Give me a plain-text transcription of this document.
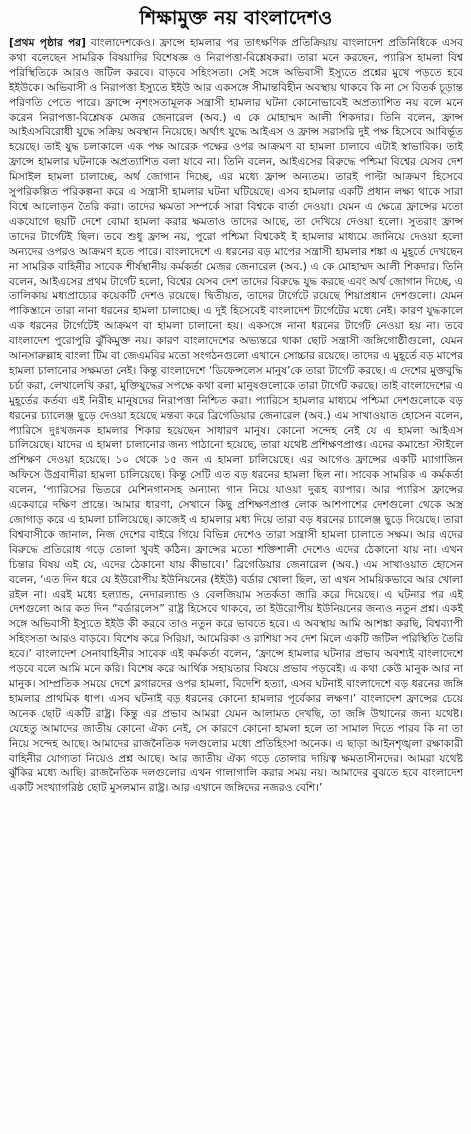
শিক্ষামুক্ত নয় বাংলাদেশও

[প্রথম পৃষ্ঠার পর] বাংলাদেশকেও। ফ্রান্সে হামলার পর তাৎক্ষণিক প্রতিক্রিয়ায় বাংলাদেশ প্রতিনিধিকে এসব কথা বলেছেন সামরিক বিষয়াদির বিশেষজ্ঞ ও নিরাপত্তা-বিশ্লেষকরা। তারা মনে করছেন, প্যারিস হামলা বিশ্ব পরিস্থিতিকে আরও জটিল করবে। বাড়বে সহিংসতা। সেই সঙ্গে অভিবাসী ইস্যুতে প্রশ্নের মুখে পড়তে হবে ইইউকে। অভিবাসী ও নিরাপত্তা ইস্যুতে ইইউ আর একসঙ্গে সীমান্তবিহীন অবস্থায় থাকবে কি না সে বিতর্ক চূড়ান্ত পরিণতি পেতে পারে। ফ্রান্সে নৃশংসতামূলক সন্ত্রাসী হামলার ঘটনা কোনোভাবেই অপ্রত্যাশিত নয় বলে মনে করেন নিরাপত্তা-বিশ্লেষক মেজর জেনারেল (অব.) এ কে মোহাম্মদ আলী শিকদার। তিনি বলেন, ফ্রান্স আইএসবিরোধী যুদ্ধে সক্রিয় অবস্থান নিয়েছে। অর্থাৎ যুদ্ধে আইএস ও ফ্রান্স সরাসরি দুই পক্ষ হিসেবে আবির্ভূত হয়েছে। তাই যুদ্ধ চলাকালে এক পক্ষ আরেক পক্ষের ওপর আক্রমণ বা হামলা চালাবে এটাই স্বাভাবিক। তাই ফ্রান্সে হামলার ঘটনাকে অপ্রত্যাশিত বলা যাবে না। তিনি বলেন, আইএসের বিরুদ্ধে পশ্চিমা বিশ্বের যেসব দেশ মিসাইল হামলা চালাচ্ছে, অর্থ জোগান দিচ্ছে, এর মধ্যে ফ্রান্স অন্যতম। তারই পাল্টা আক্রমণ হিসেবে সুপরিকল্পিত পরিকল্পনা করে এ সন্ত্রাসী হামলার ঘটনা ঘটিয়েছে। এসব হামলার একটি প্রধান লক্ষ্য থাকে সারা বিশ্বে আলোড়ন তৈরি করা। তাদের ক্ষমতা সম্পর্কে সারা বিশ্বকে বার্তা দেওয়া। যেমন এ ক্ষেত্রে ফ্রান্সের মতো একযোগে ছয়টি দেশে বোমা হামলা করার ক্ষমতাও তাদের আছে, তা দেখিয়ে দেওয়া হলো। সুতরাং ফ্রান্স তাদের টার্গেটই ছিল। তবে শুধু ফ্রান্স নয়, পুরো পশ্চিমা বিশ্বকেই ই হামলার মাধ্যমে জানিয়ে দেওয়া হলো অন্যদের ওপরও আক্রমণ হতে পারে। বাংলাদেশে এ ধরনের বড় মাপের সন্ত্রাসী হামলার শঙ্কা এ মুহূর্তে দেখছেন না সামরিক বাহিনীর সাবেক শীর্ষস্থানীয় কর্মকর্তা মেজর জেনারেল (অব.) এ কে মোহাম্মদ আলী শিকদার। তিনি বলেন, আইএসের প্রথম টার্গেট হলো, বিশ্বের যেসব দেশ তাদের বিরুদ্ধে যুদ্ধ করছে এবং অর্থ জোগান দিচ্ছে, এ তালিকায় মধ্যপ্রাচ্যের কয়েকটি দেশও রয়েছে। দ্বিতীয়ত, তাদের টার্গেটে রয়েছে শিয়াপ্রধান দেশগুলো। যেমন পাকিস্তানে তারা নানা ধরনের হামলা চালাচ্ছে। এ দুই হিসেবেই বাংলাদেশ টার্গেটের মধ্যে নেই। কারণ যুদ্ধকালে এক ধরনের টার্গেটেই আক্রমণ বা হামলা চালানো হয়। একসঙ্গে নানা ধরনের টার্গেট নেওয়া হয় না। তবে বাংলাদেশ পুরোপুরি ঝুঁকিমুক্ত নয়। কারণ বাংলাদেশের অভ্যন্তরে থাকা ছোট সন্ত্রাসী জঙ্গিগোষ্ঠীগুলো, যেমন আনসারুল্লাহ বাংলা টিম বা জেএমবির মতো সংগঠনগুলো এখানে সোচ্চার রয়েছে। তাদের এ মুহূর্তে বড় মাপের হামলা চালানোর সক্ষমতা নেই। কিন্তু বাংলাদেশে ‘ডিফেন্সলেস মানুষ’কে তারা টার্গেট করছে। এ দেশের মুক্তবুদ্ধি চর্চা করা, লেখালেখি করা, মুক্তিযুদ্ধের সপক্ষে কথা বলা মানুষগুলোকে তারা টার্গেট করছে। তাই বাংলাদেশের এ মুহূর্তের কর্তব্য এই নিরীহ মানুষদের নিরাপত্তা নিশ্চিত করা। প্যারিসে হামলার মাধ্যমে পশ্চিমা দেশগুলোকে বড় ধরনের চ্যালেঞ্জ ছুড়ে দেওয়া হয়েছে মন্তব্য করে ব্রিগেডিয়ার জেনারেল (অব.) এম সাখাওয়াত হোসেন বলেন, প্যারিসে দুঃখজনক হামলার শিকার হয়েছেন সাধারণ মানুষ। কোনো সন্দেহ নেই যে এ হামলা আইএস চালিয়েছে। যাদের এ হামলা চালানোর জন্য পাঠানো হয়েছে, তারা যথেষ্ট প্রশিক্ষণপ্রাপ্ত। এদের কমান্ডো স্টাইলে প্রশিক্ষণ দেওয়া হয়েছে। ১০ থেকে ১৫ জন এ হামলা চালিয়েছে। এর আগেও ফ্রান্সের একটি ম্যাগাজিন অফিসে উগ্রবাদীরা হামলা চালিয়েছে। কিন্তু সেটি এত বড় ধরনের হামলা ছিল না। সাবেক সামরিক এ কর্মকর্তা বলেন, ‘প্যারিসের ভিতরে মেশিনগানসহ অন্যান্য গান নিয়ে যাওয়া দুরূহ ব্যাপার। আর প্যারিস ফ্রান্সের একেবারে দক্ষিণ প্রান্তে। আমার ধারণা, সেখানে কিছু প্রশিক্ষণপ্রাপ্ত লোক আশপাশের দেশগুলো থেকে অস্ত্র জোগাড় করে এ হামলা চালিয়েছে। কাজেই এ হামলার মধ্য দিয়ে তারা বড় ধরনের চ্যালেঞ্জ ছুড়ে দিয়েছে। তারা বিশ্ববাসীকে জানাল, নিজ দেশের বাইরে গিয়ে বিভিন্ন দেশেও তারা সন্ত্রাসী হামলা চালাতে সক্ষম। আর এদের বিরুদ্ধে প্রতিরোধ গড়ে তোলা খুবই কঠিন। ফ্রান্সের মতো শক্তিশালী দেশেও এদের ঠেকানো যায় না। এখন চিন্তার বিষয় এই যে, এদের ঠেকানো যায় কীভাবে।’ ব্রিগেডিয়ার জেনারেল (অব.) এম সাখাওয়াত হোসেন বলেন, ‘এত দিন ধরে যে ইউরোপীয় ইউনিয়নের (ইইউ) বর্ডার খোলা ছিল, তা এখন সাময়িকভাবে আর খোলা রইল না। এরই মধ্যে হল্যান্ড, নেদারল্যান্ড ও বেলজিয়াম সতর্কতা জারি করে দিয়েছে। এ ঘটনার পর এই দেশগুলো আর কত দিন “বর্ডারলেস” রাষ্ট্র হিসেবে থাকবে, তা ইউরোপীয় ইউনিয়নের জন্যও নতুন প্রশ্ন। একই সঙ্গে অভিবাসী ইস্যুতে ইইউ কী করবে তাও নতুন করে ভাবতে হবে। এ অবস্থায় আমি আশঙ্কা করছি, বিশ্বব্যাপী সহিংসতা আরও বাড়বে। বিশেষ করে সিরিয়া, আমেরিকা ও রাশিয়া সব দেশ মিলে একটি জটিল পরিস্থিতি তৈরি হবে।’ বাংলাদেশ সেনাবাহিনীর সাবেক এই কর্মকর্তা বলেন, ‘ফ্রান্সে হামলার ঘটনার প্রভাব অবশ্যই বাংলাদেশে পড়বে বলে আমি মনে করি। বিশেষ করে আর্থিক সহায়তার বিষয়ে প্রভাব পড়বেই। এ কথা কেউ মানুক আর না মানুক। সাম্প্রতিক সময়ে দেশে ব্লগারদের ওপর হামলা, বিদেশি হত্যা, এসব ঘটনাই বাংলাদেশে বড় ধরনের জঙ্গি হামলার প্রাথমিক ধাপ। এসব ঘটনাই বড় ধরনের কোনো হামলার পূর্বেকার লক্ষণ।’ বাংলাদেশ ফ্রান্সের চেয়ে অনেক ছোট একটি রাষ্ট্র। কিন্তু এর প্রভাব আমরা যেমন আলামত দেখছি, তা জঙ্গি উত্থানের জন্য যথেষ্ট। যেহেতু আমাদের জাতীয় কোনো ঐক্য নেই, সে কারণে কোনো হামলা হলে তা সামাল দিতে পারব কি না তা নিয়ে সন্দেহ আছে। আমাদের রাজনৈতিক দলগুলোর মধ্যে প্রতিহিংসা অনেক। এ ছাড়া আইনশৃঙ্খলা রক্ষাকারী বাহিনীর যোগ্যতা নিয়েও প্রশ্ন আছে। আর জাতীয় ঐক্য গড়ে তোলার দায়িত্ব ক্ষমতাসীনদের। আমরা যথেষ্ট ঝুঁকির মধ্যে আছি। রাজনৈতিক দলগুলোর এখন গালাগালি করার সময় নয়। আমাদের বুঝতে হবে বাংলাদেশ একটি সংখ্যাগরিষ্ঠ ছোট মুসলমান রাষ্ট্র। আর এখানে জঙ্গিদের নজরও বেশি।’
